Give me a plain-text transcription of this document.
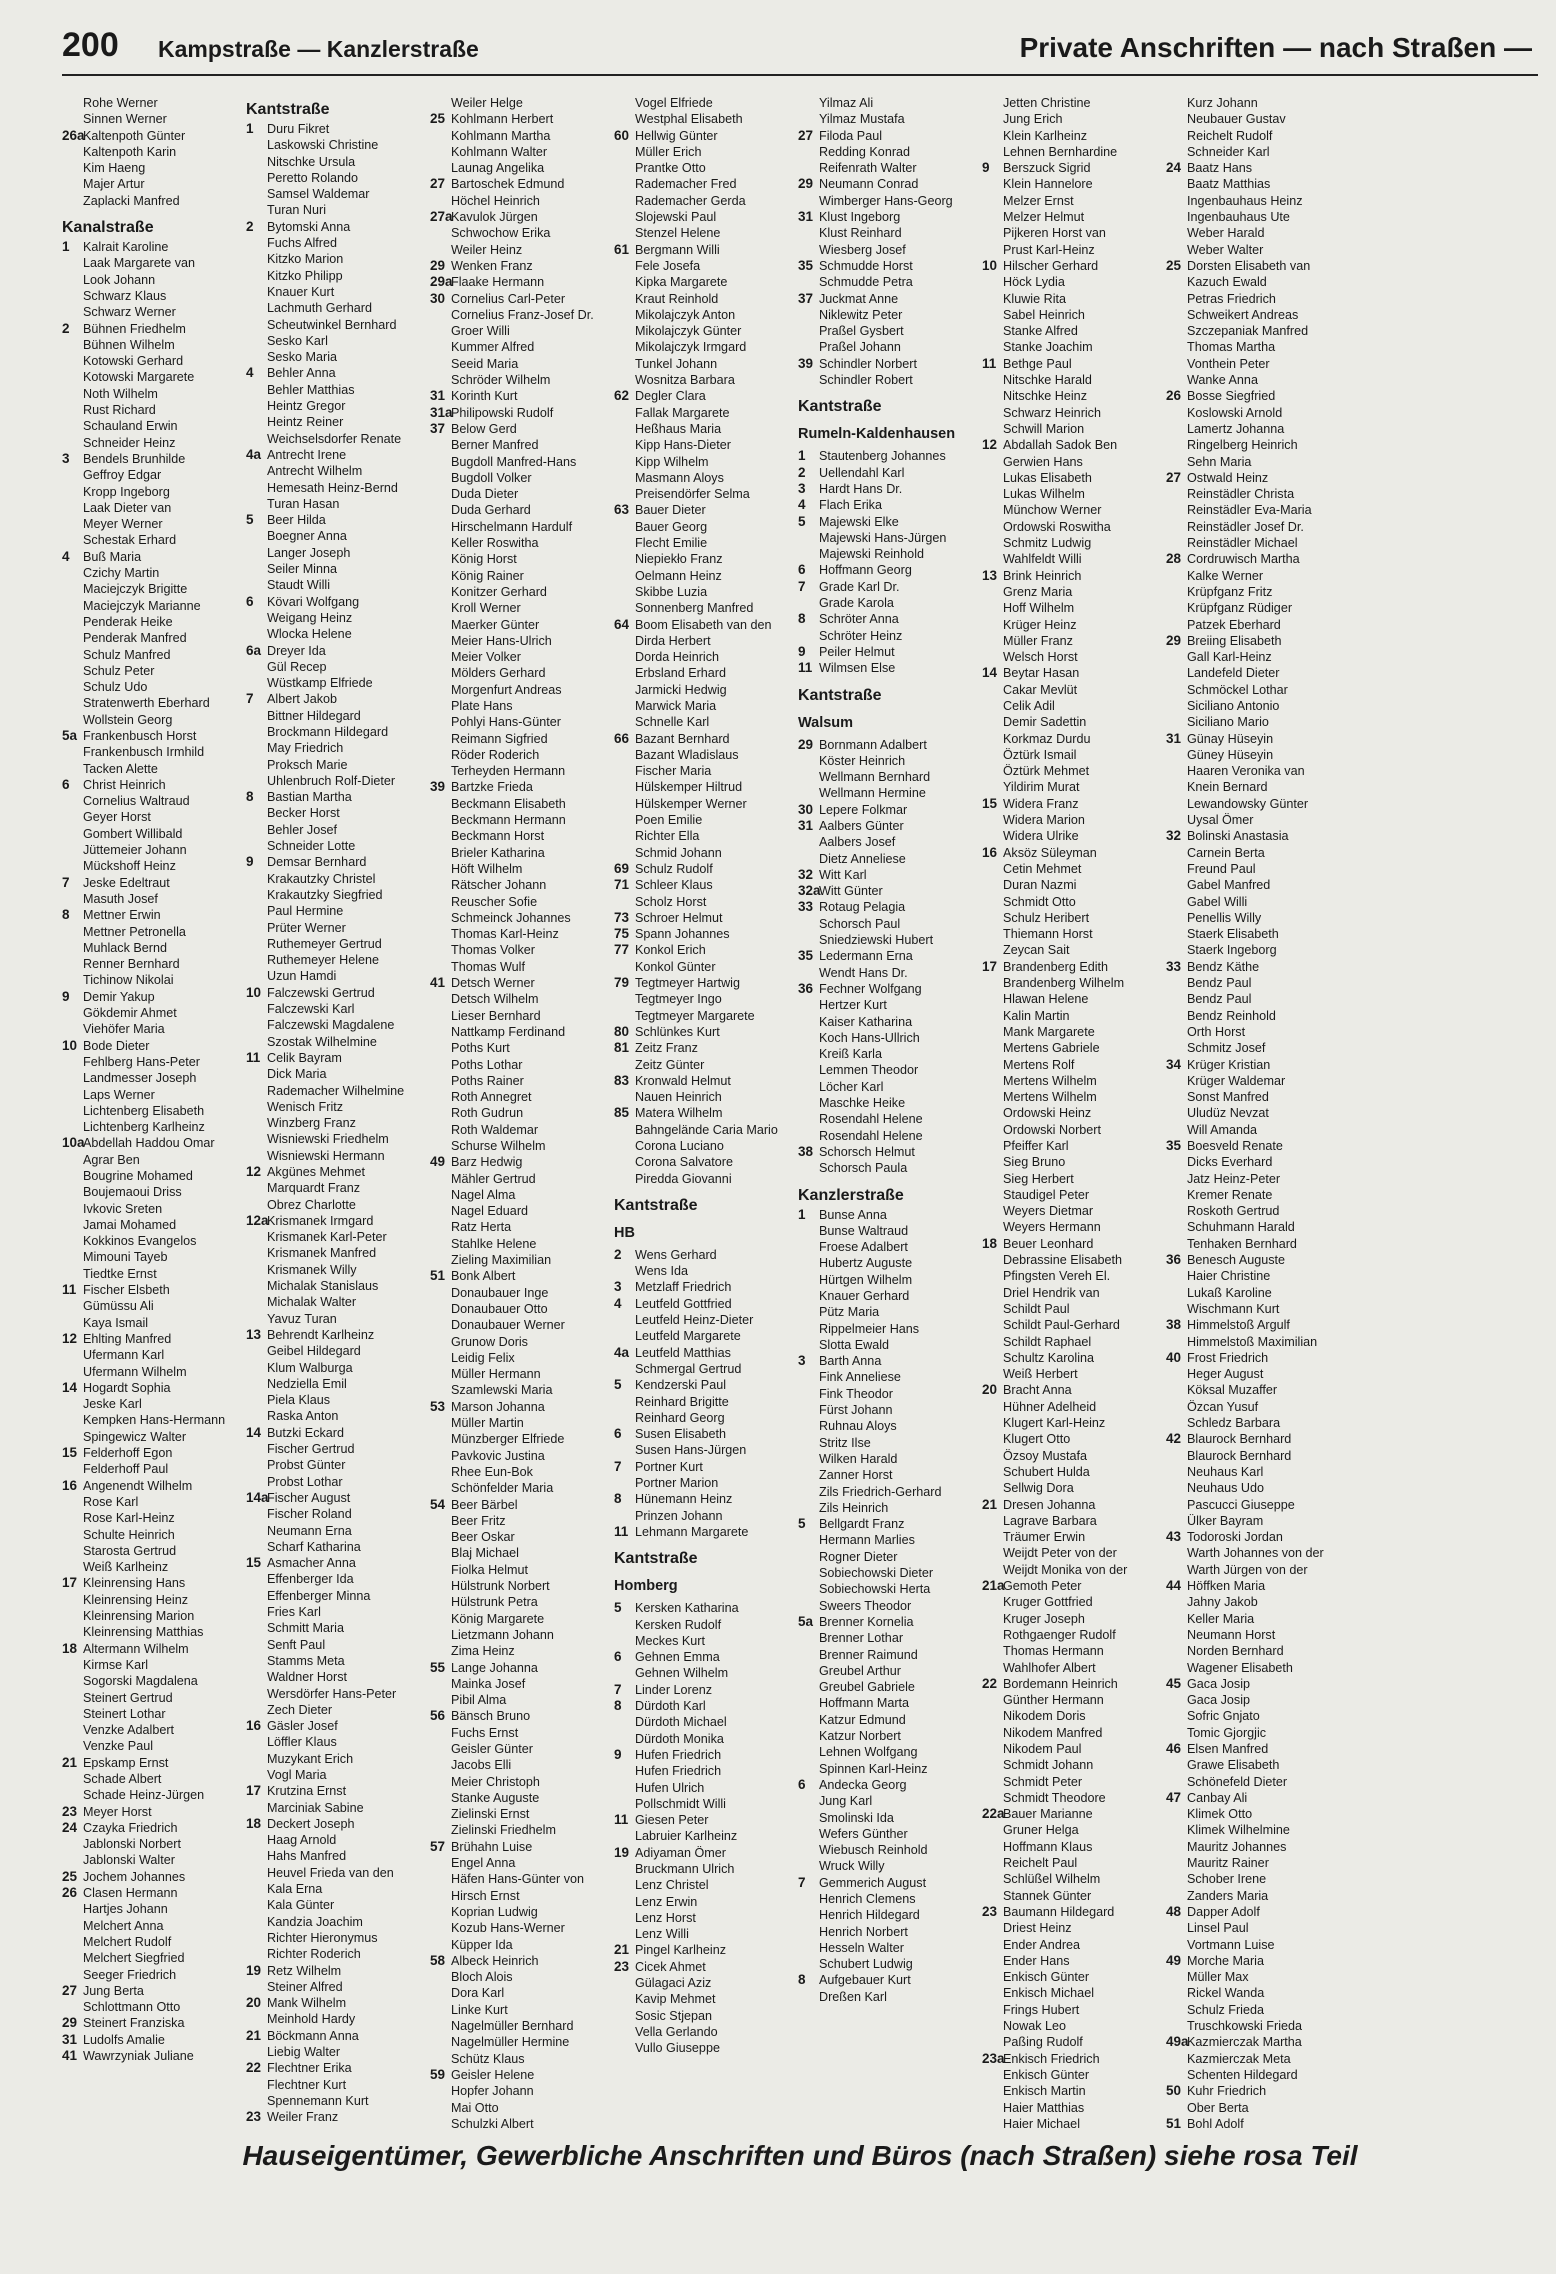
200 Kampstraße — Kanzlerstraße	Private Anschriften — nach Straßen —
Rohe Werner
Sinnen Werner
26aKaltenpoth Günter
Kaltenpoth Karin
Kim Haeng
Majer Artur
Zaplacki Manfred
Kanalstraße
1 Kalrait Karoline
Laak Margarete van
Look Johann
Schwarz Klaus
Schwarz Werner
2 Bühnen Friedhelm
Bühnen Wilhelm
Kotowski Gerhard
Kotowski Margarete
Noth Wilhelm
Rust Richard
Schauland Erwin
Schneider Heinz
3 Bendels Brunhilde
Geffroy Edgar
Kropp Ingeborg
Laak Dieter van
Meyer Werner
Schestak Erhard
4 Buß Maria
Czichy Martin
Maciejczyk Brigitte
Maciejczyk Marianne
Penderak Heike
Penderak Manfred
Schulz Manfred
Schulz Peter
Schulz Udo
Stratenwerth Eberhard
Wollstein Georg
5a Frankenbusch Horst
Frankenbusch Irmhild
Tacken Alette
6 Christ Heinrich
Cornelius Waltraud
Geyer Horst
Gombert Willibald
Jüttemeier Johann
Mückshoff Heinz
7 Jeske Edeltraut
Masuth Josef
8 Mettner Erwin
Mettner Petronella
Muhlack Bernd
Renner Bernhard
Tichinow Nikolai
9 Demir Yakup
Gökdemir Ahmet
Viehöfer Maria
10 Bode Dieter
Fehlberg Hans-Peter
Landmesser Joseph
Laps Werner
Lichtenberg Elisabeth
Lichtenberg Karlheinz
10aAbdellah Haddou Omar
Agrar Ben
Bougrine Mohamed
Boujemaoui Driss
Ivkovic Sreten
Jamai Mohamed
Kokkinos Evangelos
Mimouni Tayeb
Tiedtke Ernst
11 Fischer Elsbeth
Gümüssu Ali
Kaya Ismail
12 Ehlting Manfred
Ufermann Karl
Ufermann Wilhelm
14 Hogardt Sophia
Jeske Karl
Kempken Hans-Hermann
Spingewicz Walter
15 Felderhoff Egon
Felderhoff Paul
16 Angenendt Wilhelm
Rose Karl
Rose Karl-Heinz
Schulte Heinrich
Starosta Gertrud
Weiß Karlheinz
17 Kleinrensing Hans
Kleinrensing Heinz
Kleinrensing Marion
Kleinrensing Matthias
18 Altermann Wilhelm
Kirmse Karl
Sogorski Magdalena
Steinert Gertrud
Steinert Lothar
Venzke Adalbert
Venzke Paul
21 Epskamp Ernst
Schade Albert
Schade Heinz-Jürgen
23 Meyer Horst
24 Czayka Friedrich
Jablonski Norbert
Jablonski Walter
25 Jochem Johannes
26 Clasen Hermann
Hartjes Johann
Melchert Anna
Melchert Rudolf
Melchert Siegfried
Seeger Friedrich
27 Jung Berta
Schlottmann Otto
29 Steinert Franziska
31 Ludolfs Amalie
41 Wawrzyniak Juliane
Kantstraße
1 Duru Fikret
Laskowski Christine
Nitschke Ursula
Peretto Rolando
Samsel Waldemar
Turan Nuri
2 Bytomski Anna
Fuchs Alfred
Kitzko Marion
Kitzko Philipp
Knauer Kurt
Lachmuth Gerhard
Scheutwinkel Bernhard
Sesko Karl
Sesko Maria
4 Behler Anna
Behler Matthias
Heintz Gregor
Heintz Reiner
Weichselsdorfer Renate
4a Antrecht Irene
Antrecht Wilhelm
Hemesath Heinz-Bernd
Turan Hasan
5 Beer Hilda
Boegner Anna
Langer Joseph
Seiler Minna
Staudt Willi
6 Kövari Wolfgang
Weigang Heinz
Wlocka Helene
6a Dreyer Ida
Gül Recep
Wüstkamp Elfriede
7 Albert Jakob
Bittner Hildegard
Brockmann Hildegard
May Friedrich
Proksch Marie
Uhlenbruch Rolf-Dieter
8 Bastian Martha
Becker Horst
Behler Josef
Schneider Lotte
9 Demsar Bernhard
Krakautzky Christel
Krakautzky Siegfried
Paul Hermine
Prüter Werner
Ruthemeyer Gertrud
Ruthemeyer Helene
Uzun Hamdi
10 Falczewski Gertrud
Falczewski Karl
Falczewski Magdalene
Szostak Wilhelmine
11 Celik Bayram
Dick Maria
Rademacher Wilhelmine
Wenisch Fritz
Winzberg Franz
Wisniewski Friedhelm
Wisniewski Hermann
12 Akgünes Mehmet
Marquardt Franz
Obrez Charlotte
12aKrismanek Irmgard
Krismanek Karl-Peter
Krismanek Manfred
Krismanek Willy
Michalak Stanislaus
Michalak Walter
Yavuz Turan
13 Behrendt Karlheinz
Geibel Hildegard
Klum Walburga
Nedziella Emil
Piela Klaus
Raska Anton
14 Butzki Eckard
Fischer Gertrud
Probst Günter
Probst Lothar
14aFischer August
Fischer Roland
Neumann Erna
Scharf Katharina
15 Asmacher Anna
Effenberger Ida
Effenberger Minna
Fries Karl
Schmitt Maria
Senft Paul
Stamms Meta
Waldner Horst
Wersdörfer Hans-Peter
Zech Dieter
16 Gäsler Josef
Löffler Klaus
Muzykant Erich
Vogl Maria
17 Krutzina Ernst
Marciniak Sabine
18 Deckert Joseph
Haag Arnold
Hahs Manfred
Heuvel Frieda van den
Kala Erna
Kala Günter
Kandzia Joachim
Richter Hieronymus
Richter Roderich
19 Retz Wilhelm
Steiner Alfred
20 Mank Wilhelm
Meinhold Hardy
21 Böckmann Anna
Liebig Walter
22 Flechtner Erika
Flechtner Kurt
Spennemann Kurt
23 Weiler Franz
Weiler Helge
25 Kohlmann Herbert
Kohlmann Martha
Kohlmann Walter
Launag Angelika
27 Bartoschek Edmund
Höchel Heinrich
27aKavulok Jürgen
Schwochow Erika
Weiler Heinz
29 Wenken Franz
29aFlaake Hermann
30 Cornelius Carl-Peter
Cornelius Franz-Josef Dr.
Groer Willi
Kummer Alfred
Seeid Maria
Schröder Wilhelm
31 Korinth Kurt
31aPhilipowski Rudolf
37 Below Gerd
Berner Manfred
Bugdoll Manfred-Hans
Bugdoll Volker
Duda Dieter
Duda Gerhard
Hirschelmann Hardulf
Keller Roswitha
König Horst
König Rainer
Konitzer Gerhard
Kroll Werner
Maerker Günter
Meier Hans-Ulrich
Meier Volker
Mölders Gerhard
Morgenfurt Andreas
Plate Hans
Pohlyi Hans-Günter
Reimann Sigfried
Röder Roderich
Terheyden Hermann
39 Bartzke Frieda
Beckmann Elisabeth
Beckmann Hermann
Beckmann Horst
Brieler Katharina
Höft Wilhelm
Rätscher Johann
Reuscher Sofie
Schmeinck Johannes
Thomas Karl-Heinz
Thomas Volker
Thomas Wulf
41 Detsch Werner
Detsch Wilhelm
Lieser Bernhard
Nattkamp Ferdinand
Poths Kurt
Poths Lothar
Poths Rainer
Roth Annegret
Roth Gudrun
Roth Waldemar
Schurse Wilhelm
49 Barz Hedwig
Mähler Gertrud
Nagel Alma
Nagel Eduard
Ratz Herta
Stahlke Helene
Zieling Maximilian
51 Bonk Albert
Donaubauer Inge
Donaubauer Otto
Donaubauer Werner
Grunow Doris
Leidig Felix
Müller Hermann
Szamlewski Maria
53 Marson Johanna
Müller Martin
Münzberger Elfriede
Pavkovic Justina
Rhee Eun-Bok
Schönfelder Maria
54 Beer Bärbel
Beer Fritz
Beer Oskar
Blaj Michael
Fiolka Helmut
Hülstrunk Norbert
Hülstrunk Petra
König Margarete
Lietzmann Johann
Zima Heinz
55 Lange Johanna
Mainka Josef
Pibil Alma
56 Bänsch Bruno
Fuchs Ernst
Geisler Günter
Jacobs Elli
Meier Christoph
Stanke Auguste
Zielinski Ernst
Zielinski Friedhelm
57 Brühahn Luise
Engel Anna
Häfen Hans-Günter von
Hirsch Ernst
Koprian Ludwig
Kozub Hans-Werner
Küpper Ida
58 Albeck Heinrich
Bloch Alois
Dora Karl
Linke Kurt
Nagelmüller Bernhard
Nagelmüller Hermine
Schütz Klaus
59 Geisler Helene
Hopfer Johann
Mai Otto
Schulzki Albert
Vogel Elfriede
Westphal Elisabeth
60 Hellwig Günter
Müller Erich
Prantke Otto
Rademacher Fred
Rademacher Gerda
Slojewski Paul
Stenzel Helene
61 Bergmann Willi
Fele Josefa
Kipka Margarete
Kraut Reinhold
Mikolajczyk Anton
Mikolajczyk Günter
Mikolajczyk Irmgard
Tunkel Johann
Wosnitza Barbara
62 Degler Clara
Fallak Margarete
Heßhaus Maria
Kipp Hans-Dieter
Kipp Wilhelm
Masmann Aloys
Preisendörfer Selma
63 Bauer Dieter
Bauer Georg
Flecht Emilie
Niepiekło Franz
Oelmann Heinz
Skibbe Luzia
Sonnenberg Manfred
64 Boom Elisabeth van den
Dirda Herbert
Dorda Heinrich
Erbsland Erhard
Jarmicki Hedwig
Marwick Maria
Schnelle Karl
66 Bazant Bernhard
Bazant Wladislaus
Fischer Maria
Hülskemper Hiltrud
Hülskemper Werner
Poen Emilie
Richter Ella
Schmid Johann
69 Schulz Rudolf
71 Schleer Klaus
Scholz Horst
73 Schroer Helmut
75 Spann Johannes
77 Konkol Erich
Konkol Günter
79 Tegtmeyer Hartwig
Tegtmeyer Ingo
Tegtmeyer Margarete
80 Schlünkes Kurt
81 Zeitz Franz
Zeitz Günter
83 Kronwald Helmut
Nauen Heinrich
85 Matera Wilhelm
Bahngelände Caria Mario
Corona Luciano
Corona Salvatore
Piredda Giovanni
Kantstraße
HB
2 Wens Gerhard
Wens Ida
3 Metzlaff Friedrich
4 Leutfeld Gottfried
Leutfeld Heinz-Dieter
Leutfeld Margarete
4a Leutfeld Matthias
Schmergal Gertrud
5 Kendzerski Paul
Reinhard Brigitte
Reinhard Georg
6 Susen Elisabeth
Susen Hans-Jürgen
7 Portner Kurt
Portner Marion
8 Hünemann Heinz
Prinzen Johann
11 Lehmann Margarete
Kantstraße
Homberg
5 Kersken Katharina
Kersken Rudolf
Meckes Kurt
6 Gehnen Emma
Gehnen Wilhelm
7 Linder Lorenz
8 Dürdoth Karl
Dürdoth Michael
Dürdoth Monika
9 Hufen Friedrich
Hufen Friedrich
Hufen Ulrich
Pollschmidt Willi
11 Giesen Peter
Labruier Karlheinz
19 Adiyaman Ömer
Bruckmann Ulrich
Lenz Christel
Lenz Erwin
Lenz Horst
Lenz Willi
21 Pingel Karlheinz
23 Cicek Ahmet
Gülagaci Aziz
Kavip Mehmet
Sosic Stjepan
Vella Gerlando
Vullo Giuseppe
Yilmaz Ali
Yilmaz Mustafa
27 Filoda Paul
Redding Konrad
Reifenrath Walter
29 Neumann Conrad
Wimberger Hans-Georg
31 Klust Ingeborg
Klust Reinhard
Wiesberg Josef
35 Schmudde Horst
Schmudde Petra
37 Juckmat Anne
Niklewitz Peter
Praßel Gysbert
Praßel Johann
39 Schindler Norbert
Schindler Robert
Kantstraße
Rumeln-Kaldenhausen
1 Stautenberg Johannes
2 Uellendahl Karl
3 Hardt Hans Dr.
4 Flach Erika
5 Majewski Elke
Majewski Hans-Jürgen
Majewski Reinhold
6 Hoffmann Georg
7 Grade Karl Dr.
Grade Karola
8 Schröter Anna
Schröter Heinz
9 Peiler Helmut
11 Wilmsen Else
Kantstraße
Walsum
29 Bornmann Adalbert
Köster Heinrich
Wellmann Bernhard
Wellmann Hermine
30 Lepere Folkmar
31 Aalbers Günter
Aalbers Josef
Dietz Anneliese
32 Witt Karl
32aWitt Günter
33 Rotaug Pelagia
Schorsch Paul
Sniedziewski Hubert
35 Ledermann Erna
Wendt Hans Dr.
36 Fechner Wolfgang
Hertzer Kurt
Kaiser Katharina
Koch Hans-Ullrich
Kreiß Karla
Lemmen Theodor
Löcher Karl
Maschke Heike
Rosendahl Helene
Rosendahl Helene
38 Schorsch Helmut
Schorsch Paula
Kanzlerstraße
1 Bunse Anna
Bunse Waltraud
Froese Adalbert
Hubertz Auguste
Hürtgen Wilhelm
Knauer Gerhard
Pütz Maria
Rippelmeier Hans
Slotta Ewald
3 Barth Anna
Fink Anneliese
Fink Theodor
Fürst Johann
Ruhnau Aloys
Stritz Ilse
Wilken Harald
Zanner Horst
Zils Friedrich-Gerhard
Zils Heinrich
5 Bellgardt Franz
Hermann Marlies
Rogner Dieter
Sobiechowski Dieter
Sobiechowski Herta
Sweers Theodor
5a Brenner Kornelia
Brenner Lothar
Brenner Raimund
Greubel Arthur
Greubel Gabriele
Hoffmann Marta
Katzur Edmund
Katzur Norbert
Lehnen Wolfgang
Spinnen Karl-Heinz
6 Andecka Georg
Jung Karl
Smolinski Ida
Wefers Günther
Wiebusch Reinhold
Wruck Willy
7 Gemmerich August
Henrich Clemens
Henrich Hildegard
Henrich Norbert
Hesseln Walter
Schubert Ludwig
8 Aufgebauer Kurt
Dreßen Karl
Jetten Christine
Jung Erich
Klein Karlheinz
Lehnen Bernhardine
9 Berszuck Sigrid
Klein Hannelore
Melzer Ernst
Melzer Helmut
Pijkeren Horst van
Prust Karl-Heinz
10 Hilscher Gerhard
Höck Lydia
Kluwie Rita
Sabel Heinrich
Stanke Alfred
Stanke Joachim
11 Bethge Paul
Nitschke Harald
Nitschke Heinz
Schwarz Heinrich
Schwill Marion
12 Abdallah Sadok Ben
Gerwien Hans
Lukas Elisabeth
Lukas Wilhelm
Münchow Werner
Ordowski Roswitha
Schmitz Ludwig
Wahlfeldt Willi
13 Brink Heinrich
Grenz Maria
Hoff Wilhelm
Krüger Heinz
Müller Franz
Welsch Horst
14 Beytar Hasan
Cakar Mevlüt
Celik Adil
Demir Sadettin
Korkmaz Durdu
Öztürk Ismail
Öztürk Mehmet
Yildirim Murat
15 Widera Franz
Widera Marion
Widera Ulrike
16 Aksöz Süleyman
Cetin Mehmet
Duran Nazmi
Schmidt Otto
Schulz Heribert
Thiemann Horst
Zeycan Sait
17 Brandenberg Edith
Brandenberg Wilhelm
Hlawan Helene
Kalin Martin
Mank Margarete
Mertens Gabriele
Mertens Rolf
Mertens Wilhelm
Mertens Wilhelm
Ordowski Heinz
Ordowski Norbert
Pfeiffer Karl
Sieg Bruno
Sieg Herbert
Staudigel Peter
Weyers Dietmar
Weyers Hermann
18 Beuer Leonhard
Debrassine Elisabeth
Pfingsten Vereh El.
Driel Hendrik van
Schildt Paul
Schildt Paul-Gerhard
Schildt Raphael
Schultz Karolina
Weiß Herbert
20 Bracht Anna
Hühner Adelheid
Klugert Karl-Heinz
Klugert Otto
Özsoy Mustafa
Schubert Hulda
Sellwig Dora
21 Dresen Johanna
Lagrave Barbara
Träumer Erwin
Weijdt Peter von der
Weijdt Monika von der
21aGemoth Peter
Kruger Gottfried
Kruger Joseph
Rothgaenger Rudolf
Thomas Hermann
Wahlhofer Albert
22 Bordemann Heinrich
Günther Hermann
Nikodem Doris
Nikodem Manfred
Nikodem Paul
Schmidt Johann
Schmidt Peter
Schmidt Theodore
22aBauer Marianne
Gruner Helga
Hoffmann Klaus
Reichelt Paul
Schlüßel Wilhelm
Stannek Günter
23 Baumann Hildegard
Driest Heinz
Ender Andrea
Ender Hans
Enkisch Günter
Enkisch Michael
Frings Hubert
Nowak Leo
Paßing Rudolf
23aEnkisch Friedrich
Enkisch Günter
Enkisch Martin
Haier Matthias
Haier Michael
Kurz Johann
Neubauer Gustav
Reichelt Rudolf
Schneider Karl
24 Baatz Hans
Baatz Matthias
Ingenbauhaus Heinz
Ingenbauhaus Ute
Weber Harald
Weber Walter
25 Dorsten Elisabeth van
Kazuch Ewald
Petras Friedrich
Schweikert Andreas
Szczepaniak Manfred
Thomas Martha
Vonthein Peter
Wanke Anna
26 Bosse Siegfried
Koslowski Arnold
Lamertz Johanna
Ringelberg Heinrich
Sehn Maria
27 Ostwald Heinz
Reinstädler Christa
Reinstädler Eva-Maria
Reinstädler Josef Dr.
Reinstädler Michael
28 Cordruwisch Martha
Kalke Werner
Krüpfganz Fritz
Krüpfganz Rüdiger
Patzek Eberhard
29 Breiing Elisabeth
Gall Karl-Heinz
Landefeld Dieter
Schmöckel Lothar
Siciliano Antonio
Siciliano Mario
31 Günay Hüseyin
Güney Hüseyin
Haaren Veronika van
Knein Bernard
Lewandowsky Günter
Uysal Ömer
32 Bolinski Anastasia
Carnein Berta
Freund Paul
Gabel Manfred
Gabel Willi
Penellis Willy
Staerk Elisabeth
Staerk Ingeborg
33 Bendz Käthe
Bendz Paul
Bendz Paul
Bendz Reinhold
Orth Horst
Schmitz Josef
34 Krüger Kristian
Krüger Waldemar
Sonst Manfred
Uludüz Nevzat
Will Amanda
35 Boesveld Renate
Dicks Everhard
Jatz Heinz-Peter
Kremer Renate
Roskoth Gertrud
Schuhmann Harald
Tenhaken Bernhard
36 Benesch Auguste
Haier Christine
Lukaß Karoline
Wischmann Kurt
38 Himmelstoß Argulf
Himmelstoß Maximilian
40 Frost Friedrich
Heger August
Köksal Muzaffer
Özcan Yusuf
Schledz Barbara
42 Blaurock Bernhard
Blaurock Bernhard
Neuhaus Karl
Neuhaus Udo
Pascucci Giuseppe
Ülker Bayram
43 Todoroski Jordan
Warth Johannes von der
Warth Jürgen von der
44 Höffken Maria
Jahny Jakob
Keller Maria
Neumann Horst
Norden Bernhard
Wagener Elisabeth
45 Gaca Josip
Gaca Josip
Sofric Gnjato
Tomic Gjorgjic
46 Elsen Manfred
Grawe Elisabeth
Schönefeld Dieter
47 Canbay Ali
Klimek Otto
Klimek Wilhelmine
Mauritz Johannes
Mauritz Rainer
Schober Irene
Zanders Maria
48 Dapper Adolf
Linsel Paul
Vortmann Luise
49 Morche Maria
Müller Max
Rickel Wanda
Schulz Frieda
Truschkowski Frieda
49aKazmierczak Martha
Kazmierczak Meta
Schenten Hildegard
50 Kuhr Friedrich
Ober Berta
51 Bohl Adolf
Hauseigentümer, Gewerbliche Anschriften und Büros (nach Straßen) siehe rosa Teil
